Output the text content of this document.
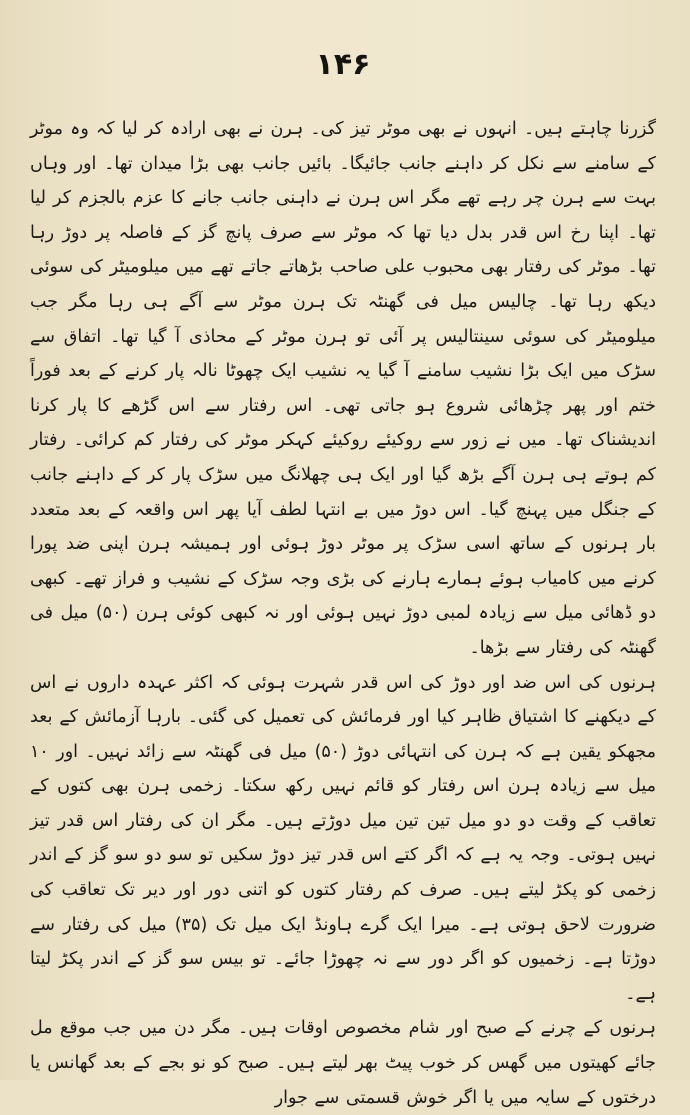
۱۴۶

گزرنا چاہتے ہیں۔ انہوں نے بھی موٹر تیز کی۔ ہرن نے بھی ارادہ کر لیا کہ وہ موٹر کے سامنے سے نکل کر داہنے جانب جائیگا۔ بائیں جانب بھی بڑا میدان تھا۔ اور وہاں بہت سے ہرن چر رہے تھے مگر اس ہرن نے داہنی جانب جانے کا عزم بالجزم کر لیا تھا۔ اپنا رخ اس قدر بدل دیا تھا کہ موٹر سے صرف پانچ گز کے فاصلہ پر دوڑ رہا تھا۔ موٹر کی رفتار بھی محبوب علی صاحب بڑھاتے جاتے تھے میں میلومیٹر کی سوئی دیکھ رہا تھا۔ چالیس میل فی گھنٹہ تک ہرن موٹر سے آگے ہی رہا مگر جب میلومیٹر کی سوئی سینتالیس پر آئی تو ہرن موٹر کے محاذی آ گیا تھا۔ اتفاق سے سڑک میں ایک بڑا نشیب سامنے آ گیا یہ نشیب ایک چھوٹا نالہ پار کرنے کے بعد فوراً ختم اور پھر چڑھائی شروع ہو جاتی تھی۔ اس رفتار سے اس گڑھے کا پار کرنا اندیشناک تھا۔ میں نے زور سے روکیئے روکیئے کہکر موٹر کی رفتار کم کرائی۔ رفتار کم ہوتے ہی ہرن آگے بڑھ گیا اور ایک ہی چھلانگ میں سڑک پار کر کے داہنے جانب کے جنگل میں پہنچ گیا۔ اس دوڑ میں بے انتہا لطف آیا پھر اس واقعہ کے بعد متعدد بار ہرنوں کے ساتھ اسی سڑک پر موٹر دوڑ ہوئی اور ہمیشہ ہرن اپنی ضد پورا کرنے میں کامیاب ہوئے ہمارے ہارنے کی بڑی وجہ سڑک کے نشیب و فراز تھے۔ کبھی دو ڈھائی میل سے زیادہ لمبی دوڑ نہیں ہوئی اور نہ کبھی کوئی ہرن (۵۰) میل فی گھنٹہ کی رفتار سے بڑھا۔

ہرنوں کی اس ضد اور دوڑ کی اس قدر شہرت ہوئی کہ اکثر عہدہ داروں نے اس کے دیکھنے کا اشتیاق ظاہر کیا اور فرمائش کی تعمیل کی گئی۔ بارہا آزمائش کے بعد مجھکو یقین ہے کہ ہرن کی انتہائی دوڑ (۵۰) میل فی گھنٹہ سے زائد نہیں۔ اور ۱۰ میل سے زیادہ ہرن اس رفتار کو قائم نہیں رکھ سکتا۔ زخمی ہرن بھی کتوں کے تعاقب کے وقت دو دو میل تین تین میل دوڑتے ہیں۔ مگر ان کی رفتار اس قدر تیز نہیں ہوتی۔ وجہ یہ ہے کہ اگر کتے اس قدر تیز دوڑ سکیں تو سو دو سو گز کے اندر زخمی کو پکڑ لیتے ہیں۔ صرف کم رفتار کتوں کو اتنی دور اور دیر تک تعاقب کی ضرورت لاحق ہوتی ہے۔ میرا ایک گرے ہاونڈ ایک میل تک (۳۵) میل کی رفتار سے دوڑتا ہے۔ زخمیوں کو اگر دور سے نہ چھوڑا جائے۔ تو بیس سو گز کے اندر پکڑ لیتا ہے۔

ہرنوں کے چرنے کے صبح اور شام مخصوص اوقات ہیں۔ مگر دن میں جب موقع مل جائے کھیتوں میں گھس کر خوب پیٹ بھر لیتے ہیں۔ صبح کو نو بجے کے بعد گھانس یا درختوں کے سایہ میں یا اگر خوش قسمتی سے جوار
